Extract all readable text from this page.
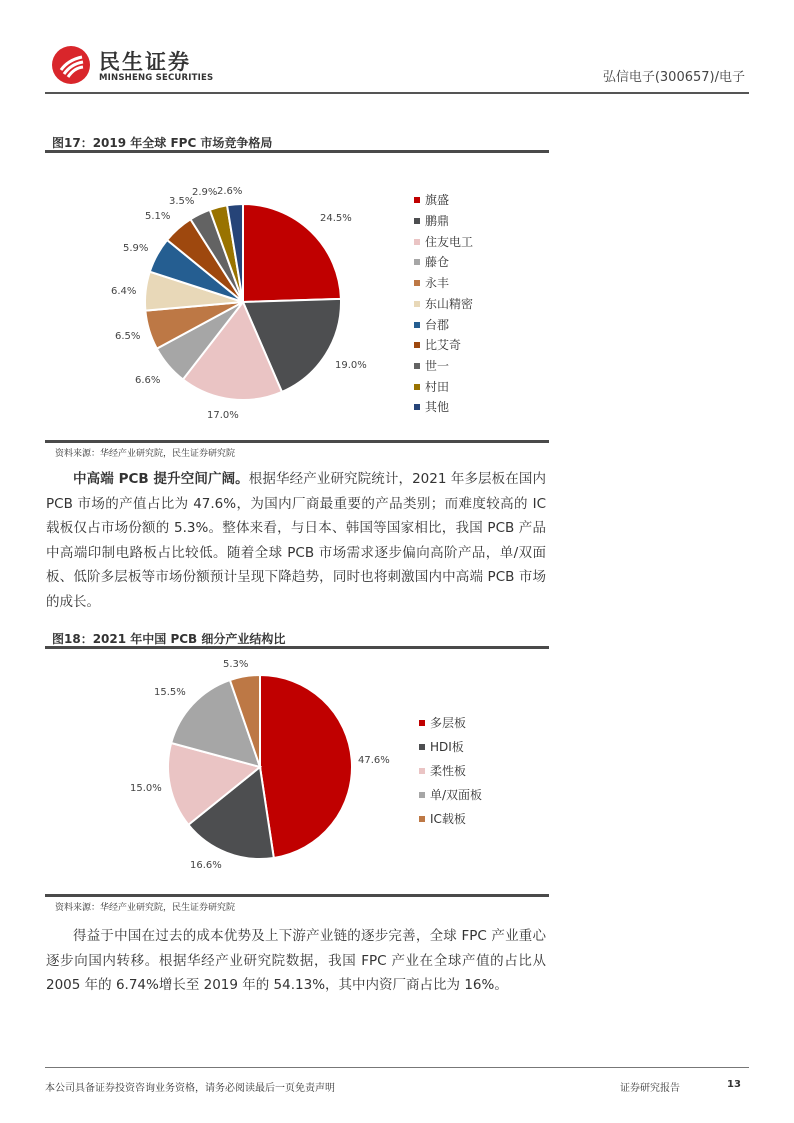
民生证券
MINSHENG SECURITIES	弘信电子(300657)/电子
图17：2019 年全球 FPC 市场竞争格局
24.5%
19.0%
17.0%
6.6%
6.5%
6.4%
5.9%
5.1%
3.5%
2.9% 2.6%
旗盛
鹏鼎
住友电工
藤仓
永丰
东山精密
台郡
比艾奇
世一
村田
其他
资料来源：华经产业研究院，民生证券研究院
中高端 PCB 提升空间广阔。根据华经产业研究院统计，2021 年多层板在国内 PCB 市场的产值占比为 47.6%，为国内厂商最重要的产品类别；而难度较高的 IC 载板仅占市场份额的 5.3%。整体来看，与日本、韩国等国家相比，我国 PCB 产品中高端印制电路板占比较低。随着全球 PCB 市场需求逐步偏向高阶产品，单/双面板、低阶多层板等市场份额预计呈现下降趋势，同时也将刺激国内中高端 PCB 市场的成长。
图18：2021 年中国 PCB 细分产业结构比
47.6%
16.6%
15.0%
15.5%
5.3%
多层板
HDI板
柔性板
单/双面板
IC载板
资料来源：华经产业研究院，民生证券研究院
得益于中国在过去的成本优势及上下游产业链的逐步完善，全球 FPC 产业重心逐步向国内转移。根据华经产业研究院数据，我国 FPC 产业在全球产值的占比从 2005 年的 6.74%增长至 2019 年的 54.13%，其中内资厂商占比为 16%。
本公司具备证券投资咨询业务资格，请务必阅读最后一页免责声明	证券研究报告	13
